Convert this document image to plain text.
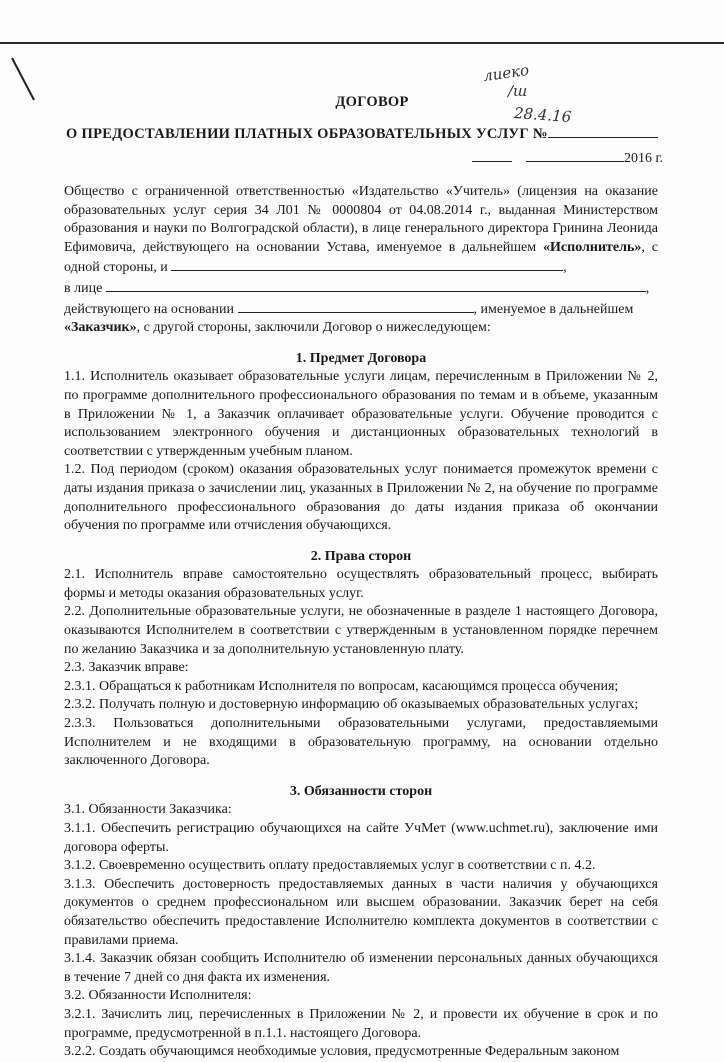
лиеко
/ш
28.4.16
ДОГОВОР
О ПРЕДОСТАВЛЕНИИ ПЛАТНЫХ ОБРАЗОВАТЕЛЬНЫХ УСЛУГ №
2016 г.

Общество с ограниченной ответственностью «Издательство «Учитель» (лицензия на оказание образовательных услуг серия 34 Л01 № 0000804 от 04.08.2014 г., выданная Министерством образования и науки по Волгоградской области), в лице генерального директора Гринина Леонида Ефимовича, действующего на основании Устава, именуемое в дальнейшем «Исполнитель», с одной стороны, и	,

в лице	,

действующего на основании	, именуемое в дальнейшем

«Заказчик», с другой стороны, заключили Договор о нижеследующем:

1. Предмет Договора

1.1. Исполнитель оказывает образовательные услуги лицам, перечисленным в Приложении № 2, по программе дополнительного профессионального образования по темам и в объеме, указанным в Приложении № 1, а Заказчик оплачивает образовательные услуги. Обучение проводится с использованием электронного обучения и дистанционных образовательных технологий в соответствии с утвержденным учебным планом.

1.2. Под периодом (сроком) оказания образовательных услуг понимается промежуток времени с даты издания приказа о зачислении лиц, указанных в Приложении № 2, на обучение по программе дополнительного профессионального образования до даты издания приказа об окончании обучения по программе или отчисления обучающихся.

2. Права сторон

2.1. Исполнитель вправе самостоятельно осуществлять образовательный процесс, выбирать формы и методы оказания образовательных услуг.

2.2. Дополнительные образовательные услуги, не обозначенные в разделе 1 настоящего Договора, оказываются Исполнителем в соответствии с утвержденным в установленном порядке перечнем по желанию Заказчика и за дополнительную установленную плату.

2.3. Заказчик вправе:

2.3.1. Обращаться к работникам Исполнителя по вопросам, касающимся процесса обучения;

2.3.2. Получать полную и достоверную информацию об оказываемых образовательных услугах;

2.3.3. Пользоваться дополнительными образовательными услугами, предоставляемыми Исполнителем и не входящими в образовательную программу, на основании отдельно заключенного Договора.

3. Обязанности сторон

3.1. Обязанности Заказчика:

3.1.1. Обеспечить регистрацию обучающихся на сайте УчМет (www.uchmet.ru), заключение ими договора оферты.

3.1.2. Своевременно осуществить оплату предоставляемых услуг в соответствии с п. 4.2.

3.1.3. Обеспечить достоверность предоставляемых данных в части наличия у обучающихся документов о среднем профессиональном или высшем образовании. Заказчик берет на себя обязательство обеспечить предоставление Исполнителю комплекта документов в соответствии с правилами приема.

3.1.4. Заказчик обязан сообщить Исполнителю об изменении персональных данных обучающихся в течение 7 дней со дня факта их изменения.

3.2. Обязанности Исполнителя:

3.2.1. Зачислить лиц, перечисленных в Приложении № 2, и провести их обучение в срок и по программе, предусмотренной в п.1.1. настоящего Договора.

3.2.2. Создать обучающимся необходимые условия, предусмотренные Федеральным законом
